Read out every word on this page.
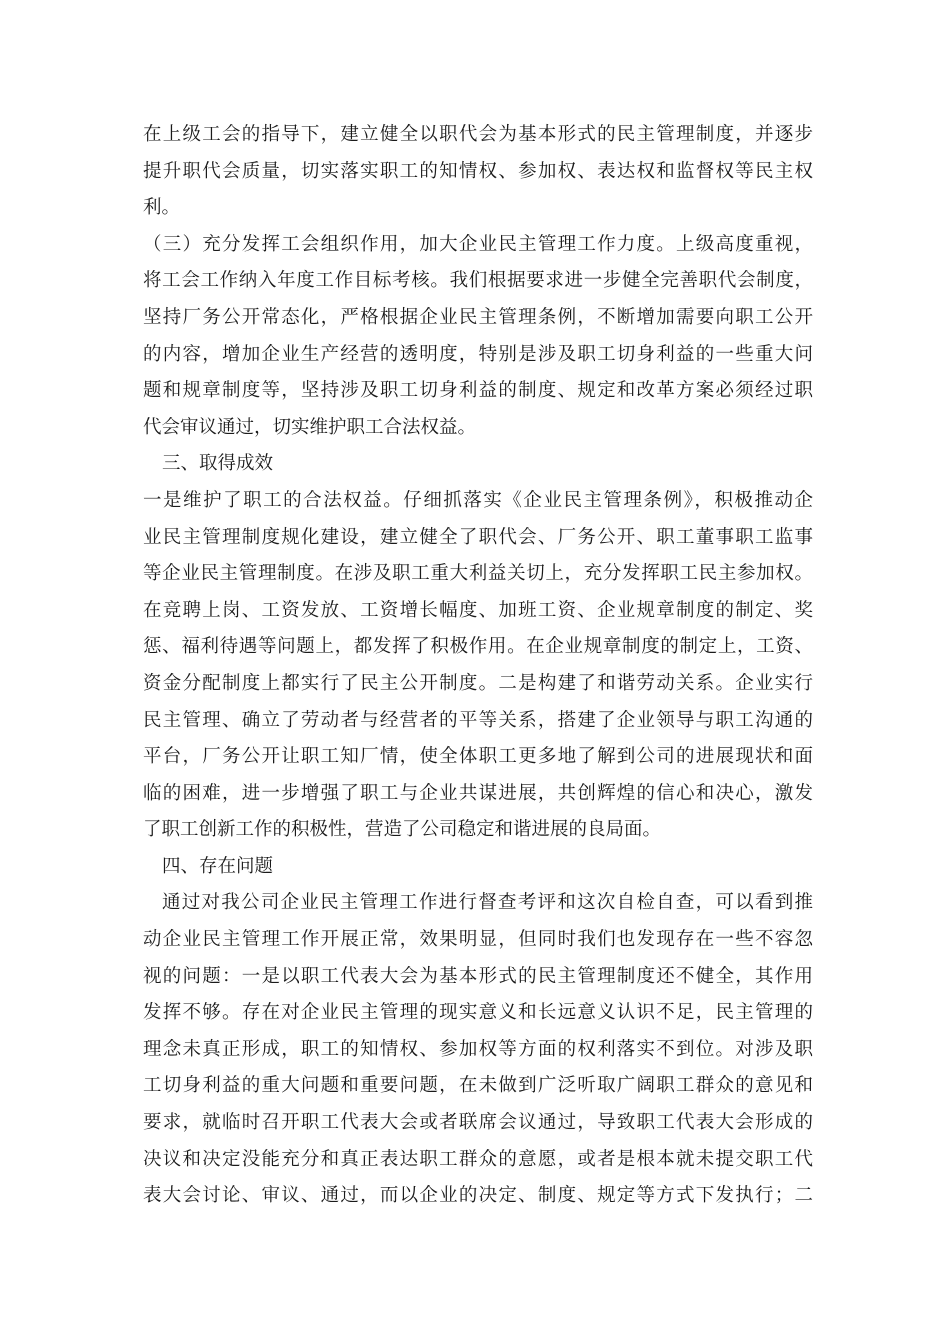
在上级工会的指导下，建立健全以职代会为基本形式的民主管理制度，并逐步
提升职代会质量，切实落实职工的知情权、参加权、表达权和监督权等民主权
利。
（三）充分发挥工会组织作用，加大企业民主管理工作力度。上级高度重视，
将工会工作纳入年度工作目标考核。我们根据要求进一步健全完善职代会制度，
坚持厂务公开常态化，严格根据企业民主管理条例，不断增加需要向职工公开
的内容，增加企业生产经营的透明度，特别是涉及职工切身利益的一些重大问
题和规章制度等，坚持涉及职工切身利益的制度、规定和改革方案必须经过职
代会审议通过，切实维护职工合法权益。
三、取得成效
一是维护了职工的合法权益。仔细抓落实《企业民主管理条例》，积极推动企
业民主管理制度规化建设，建立健全了职代会、厂务公开、职工董事职工监事
等企业民主管理制度。在涉及职工重大利益关切上，充分发挥职工民主参加权。
在竞聘上岗、工资发放、工资增长幅度、加班工资、企业规章制度的制定、奖
惩、福利待遇等问题上，都发挥了积极作用。在企业规章制度的制定上，工资、
资金分配制度上都实行了民主公开制度。二是构建了和谐劳动关系。企业实行
民主管理、确立了劳动者与经营者的平等关系，搭建了企业领导与职工沟通的
平台，厂务公开让职工知厂情，使全体职工更多地了解到公司的进展现状和面
临的困难，进一步增强了职工与企业共谋进展，共创辉煌的信心和决心，激发
了职工创新工作的积极性，营造了公司稳定和谐进展的良局面。
四、存在问题
通过对我公司企业民主管理工作进行督查考评和这次自检自查，可以看到推
动企业民主管理工作开展正常，效果明显，但同时我们也发现存在一些不容忽
视的问题：一是以职工代表大会为基本形式的民主管理制度还不健全，其作用
发挥不够。存在对企业民主管理的现实意义和长远意义认识不足，民主管理的
理念未真正形成，职工的知情权、参加权等方面的权利落实不到位。对涉及职
工切身利益的重大问题和重要问题，在未做到广泛听取广阔职工群众的意见和
要求，就临时召开职工代表大会或者联席会议通过，导致职工代表大会形成的
决议和决定没能充分和真正表达职工群众的意愿，或者是根本就未提交职工代
表大会讨论、审议、通过，而以企业的决定、制度、规定等方式下发执行；二
